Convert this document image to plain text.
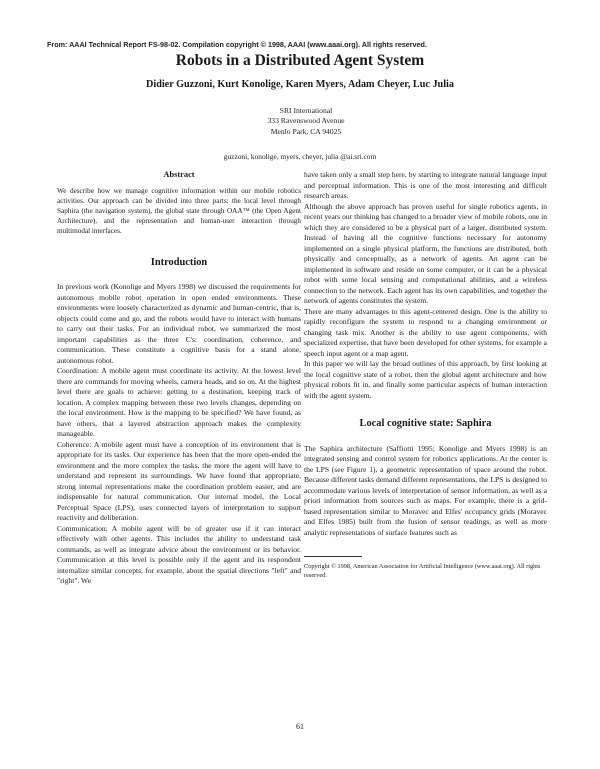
From: AAAI Technical Report FS-98-02. Compilation copyright © 1998, AAAI (www.aaai.org). All rights reserved.
Robots in a Distributed Agent System
Didier Guzzoni, Kurt Konolige, Karen Myers, Adam Cheyer, Luc Julia
SRI International
333 Ravenswood Avenue
Menlo Park, CA 94025
guzzoni, konolige, myers, cheyer, julia @ai.sri.com
Abstract

We describe how we manage cognitive information within our mobile robotics activities. Our approach can be divided into three parts: the local level through Saphira (the navigation system), the global state through OAA™ (the Open Agent Architecture), and the representation and human-user interaction through multimodal interfaces.

Introduction

In previous work (Konolige and Myers 1998) we discussed the requirements for autonomous mobile robot operation in open ended environments. These environments were loosely characterized as dynamic and human-centric, that is, objects could come and go, and the robots would have to interact with humans to carry out their tasks. For an individual robot, we summarized the most important capabilities as the three C's: coordination, coherence, and communication. These constitute a cognitive basis for a stand alone, autonomous robot.

Coordination: A mobile agent must coordinate its activity. At the lowest level there are commands for moving wheels, camera heads, and so on. At the highest level there are goals to achieve: getting to a destination, keeping track of location. A complex mapping between these two levels changes, depending on the local environment. How is the mapping to be specified? We have found, as have others, that a layered abstraction approach makes the complexity manageable.

Coherence: A mobile agent must have a conception of its environment that is appropriate for its tasks. Our experience has been that the more open-ended the environment and the more complex the tasks, the more the agent will have to understand and represent its surroundings. We have found that appropriate, strong internal representations make the coordination problem easier, and are indispensable for natural communication. Our internal model, the Local Perceptual Space (LPS), uses connected layers of interpretation to support reactivity and deliberation.

Communication: A mobile agent will be of greater use if it can interact effectively with other agents. This includes the ability to understand task commands, as well as integrate advice about the environment or its behavior. Communication at this level is possible only if the agent and its respondent internalize similar concepts, for example, about the spatial directions "left" and "right". We

have taken only a small step here, by starting to integrate natural language input and perceptual information. This is one of the most interesting and difficult research areas.

Although the above approach has proven useful for single robotics agents, in recent years our thinking has changed to a broader view of mobile robots, one in which they are considered to be a physical part of a larger, distributed system. Instead of having all the cognitive functions necessary for autonomy implemented on a single physical platform, the functions are distributed, both physically and conceptually, as a network of agents. An agent can be implemented in software and reside on some computer, or it can be a physical robot with some local sensing and computational abilities, and a wireless connection to the network. Each agent has its own capabilities, and together the network of agents constitutes the system.

There are many advantages to this agent-centered design. One is the ability to rapidly reconfigure the system to respond to a changing environment or changing task mix. Another is the ability to use agent components, with specialized expertise, that have been developed for other systems, for example a speech input agent or a map agent.

In this paper we will lay the broad outlines of this approach, by first looking at the local cognitive state of a robot, then the global agent architecture and how physical robots fit in, and finally some particular aspects of human interaction with the agent system.

Local cognitive state: Saphira

The Saphira architecture (Saffiotti 1995; Konolige and Myers 1998) is an integrated sensing and control system for robotics applications. At the center is the LPS (see Figure 1), a geometric representation of space around the robot. Because different tasks demand different representations, the LPS is designed to accommodate various levels of interpretation of sensor information, as well as a priori information from sources such as maps. For example, there is a grid-based representation similar to Moravec and Elfes' occupancy grids (Moravec and Elfes 1985) built from the fusion of sensor readings, as well as more analytic representations of surface features such as

Copyright © 1998, American Association for Artificial Intelligence (www.aaai.org). All rights reserved.
61
